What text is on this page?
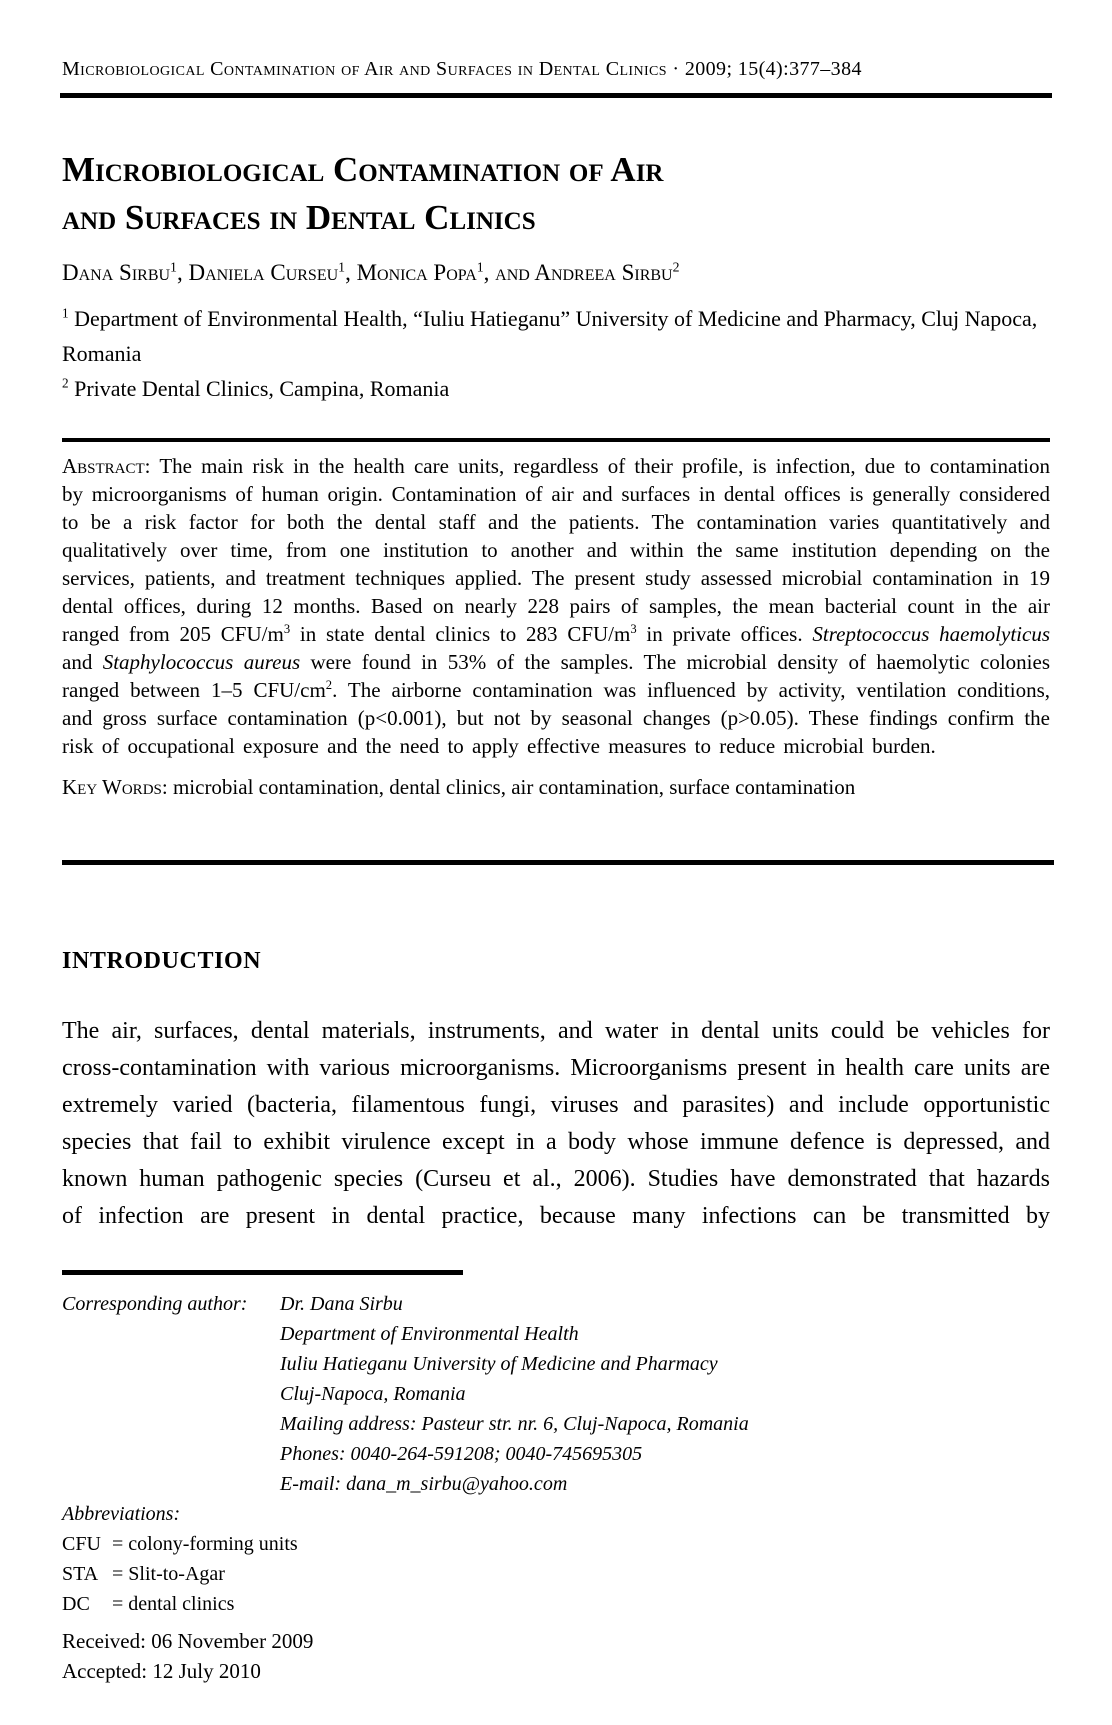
Microbiological Contamination of Air and Surfaces in Dental Clinics · 2009; 15(4):377–384
Microbiological Contamination of Air
and Surfaces in Dental Clinics
Dana Sirbu$^1$, Daniela Curseu$^1$, Monica Popa$^1$, and Andreea Sirbu$^2$

$^1$ Department of Environmental Health, “Iuliu Hatieganu” University of Medicine and Pharmacy, Cluj Napoca, Romania

$^2$ Private Dental Clinics, Campina, Romania

Abstract: The main risk in the health care units, regardless of their profile, is infection, due to contamination by microorganisms of human origin. Contamination of air and surfaces in dental offices is generally considered to be a risk factor for both the dental staff and the patients. The contamination varies quantitatively and qualitatively over time, from one institution to another and within the same institution depending on the services, patients, and treatment techniques applied. The present study assessed microbial contamination in 19 dental offices, during 12 months. Based on nearly 228 pairs of samples, the mean bacterial count in the air ranged from 205 CFU/$m^3$ in state dental clinics to 283 CFU/$m^3$ in private offices. Streptococcus haemolyticus and Staphylococcus aureus were found in 53% of the samples. The microbial density of haemolytic colonies ranged between 1–5 CFU/$cm^2$. The airborne contamination was influenced by activity, ventilation conditions, and gross surface contamination (p<0.001), but not by seasonal changes (p>0.05). These findings confirm the risk of occupational exposure and the need to apply effective measures to reduce microbial burden.

Key Words: microbial contamination, dental clinics, air contamination, surface contamination

INTRODUCTION

The air, surfaces, dental materials, instruments, and water in dental units could be vehicles for cross-contamination with various microorganisms. Microorganisms present in health care units are extremely varied (bacteria, filamentous fungi, viruses and parasites) and include opportunistic species that fail to exhibit virulence except in a body whose immune defence is depressed, and known human pathogenic species (Curseu et al., 2006). Studies have demonstrated that hazards of infection are present in dental practice, because many infections can be transmitted by

Corresponding author:	Dr. Dana Sirbu
Department of Environmental Health
Iuliu Hatieganu University of Medicine and Pharmacy
Cluj-Napoca, Romania
Mailing address: Pasteur str. nr. 6, Cluj-Napoca, Romania
Phones: 0040-264-591208; 0040-745695305
E-mail: dana_m_sirbu@yahoo.com
Abbreviations:
CFU = colony-forming units
STA = Slit-to-Agar
DC	= dental clinics
Received: 06 November 2009
Accepted: 12 July 2010
